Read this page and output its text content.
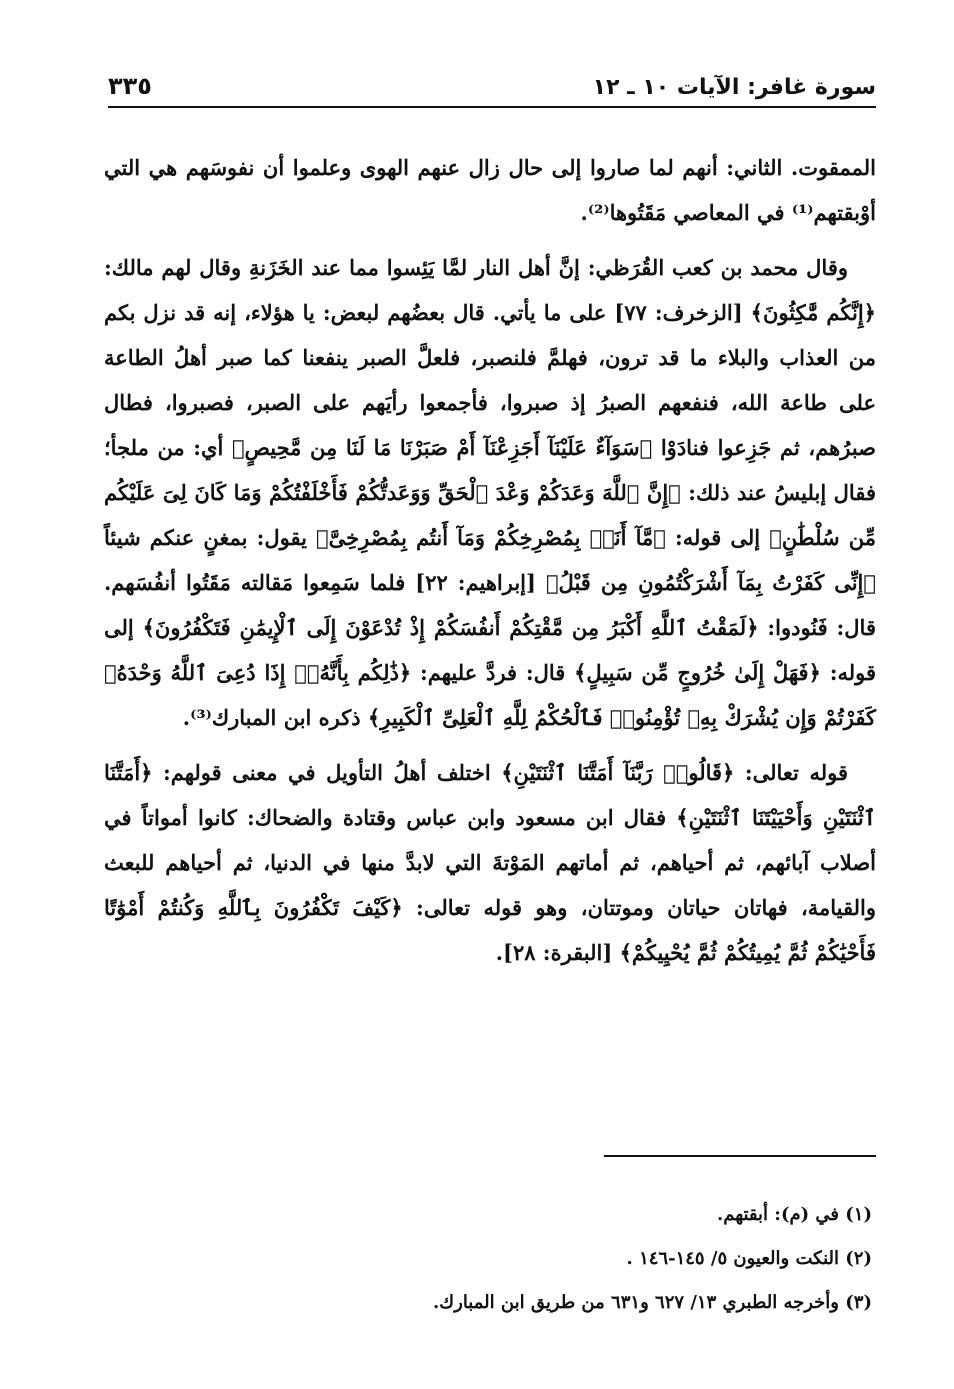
سورة غافر: الآيات ١٠ ـ ١٢
٣٣٥

الممقوت. الثاني: أنهم لما صاروا إلى حال زال عنهم الهوى وعلموا أن نفوسَهم هي التي أوْبقتهم⁽¹⁾ في المعاصي مَقَتُوها⁽²⁾.

وقال محمد بن كعب القُرَظي: إنَّ أهل النار لمَّا يَئِسوا مما عند الخَزَنةِ وقال لهم مالك: ﴿إِنَّكُم مَّٰكِثُونَ﴾ [الزخرف: ٧٧] على ما يأتي. قال بعضُهم لبعض: يا هؤلاء، إنه قد نزل بكم من العذاب والبلاء ما قد ترون، فهلمَّ فلنصبر، فلعلَّ الصبر ينفعنا كما صبر أهلُ الطاعة على طاعة الله، فنفعهم الصبرُ إذ صبروا، فأجمعوا رأيَهم على الصبر، فصبروا، فطال صبرُهم، ثم جَزِعوا فنادَوْا ﴿سَوَآءٌ عَلَيْنَآ أَجَزِعْنَآ أَمْ صَبَرْنَا مَا لَنَا مِن مَّحِيصٍ﴾ أي: من ملجأ؛ فقال إبليسُ عند ذلك: ﴿إِنَّ ٱللَّهَ وَعَدَكُمْ وَعْدَ ٱلْحَقِّ وَوَعَدتُّكُمْ فَأَخْلَفْتُكُمْ وَمَا كَانَ لِىَ عَلَيْكُم مِّن سُلْطَٰنٍ﴾ إلى قوله: ﴿مَّآ أَنَا۠ بِمُصْرِخِكُمْ وَمَآ أَنتُم بِمُصْرِخِىَّ﴾ يقول: بمغنٍ عنكم شيئاً ﴿إِنِّى كَفَرْتُ بِمَآ أَشْرَكْتُمُونِ مِن قَبْلُ﴾ [إبراهيم: ٢٢] فلما سَمِعوا مَقالته مَقَتُوا أنفُسَهم. قال: فَنُودوا: ﴿لَمَقْتُ ٱللَّهِ أَكْبَرُ مِن مَّقْتِكُمْ أَنفُسَكُمْ إِذْ تُدْعَوْنَ إِلَى ٱلْإِيمَٰنِ فَتَكْفُرُونَ﴾ إلى قوله: ﴿فَهَلْ إِلَىٰ خُرُوجٍ مِّن سَبِيلٍ﴾ قال: فردَّ عليهم: ﴿ذَٰلِكُم بِأَنَّهُۥٓ إِذَا دُعِىَ ٱللَّهُ وَحْدَهُۥ كَفَرْتُمْ وَإِن يُشْرَكْ بِهِۦ تُؤْمِنُوا۟ فَٱلْحُكْمُ لِلَّهِ ٱلْعَلِىِّ ٱلْكَبِيرِ﴾ ذكره ابن المبارك⁽³⁾.

قوله تعالى: ﴿قَالُوا۟ رَبَّنَآ أَمَتَّنَا ٱثْنَتَيْنِ﴾ اختلف أهلُ التأويل في معنى قولهم: ﴿أَمَتَّنَا ٱثْنَتَيْنِ وَأَحْيَيْتَنَا ٱثْنَتَيْنِ﴾ فقال ابن مسعود وابن عباس وقتادة والضحاك: كانوا أمواتاً في أصلاب آبائهم، ثم أحياهم، ثم أماتهم المَوْتةَ التي لابدَّ منها في الدنيا، ثم أحياهم للبعث والقيامة، فهاتان حياتان وموتتان، وهو قوله تعالى: ﴿كَيْفَ تَكْفُرُونَ بِٱللَّهِ وَكُنتُمْ أَمْوَٰتًا فَأَحْيَٰكُمْ ثُمَّ يُمِيتُكُمْ ثُمَّ يُحْيِيكُمْ﴾ [البقرة: ٢٨].

(١) في (م): أبقتهم.
(٢) النكت والعيون ٥/ ١٤٥-١٤٦ .
(٣) وأخرجه الطبري ١٣/ ٦٢٧ و٦٣١ من طريق ابن المبارك.
